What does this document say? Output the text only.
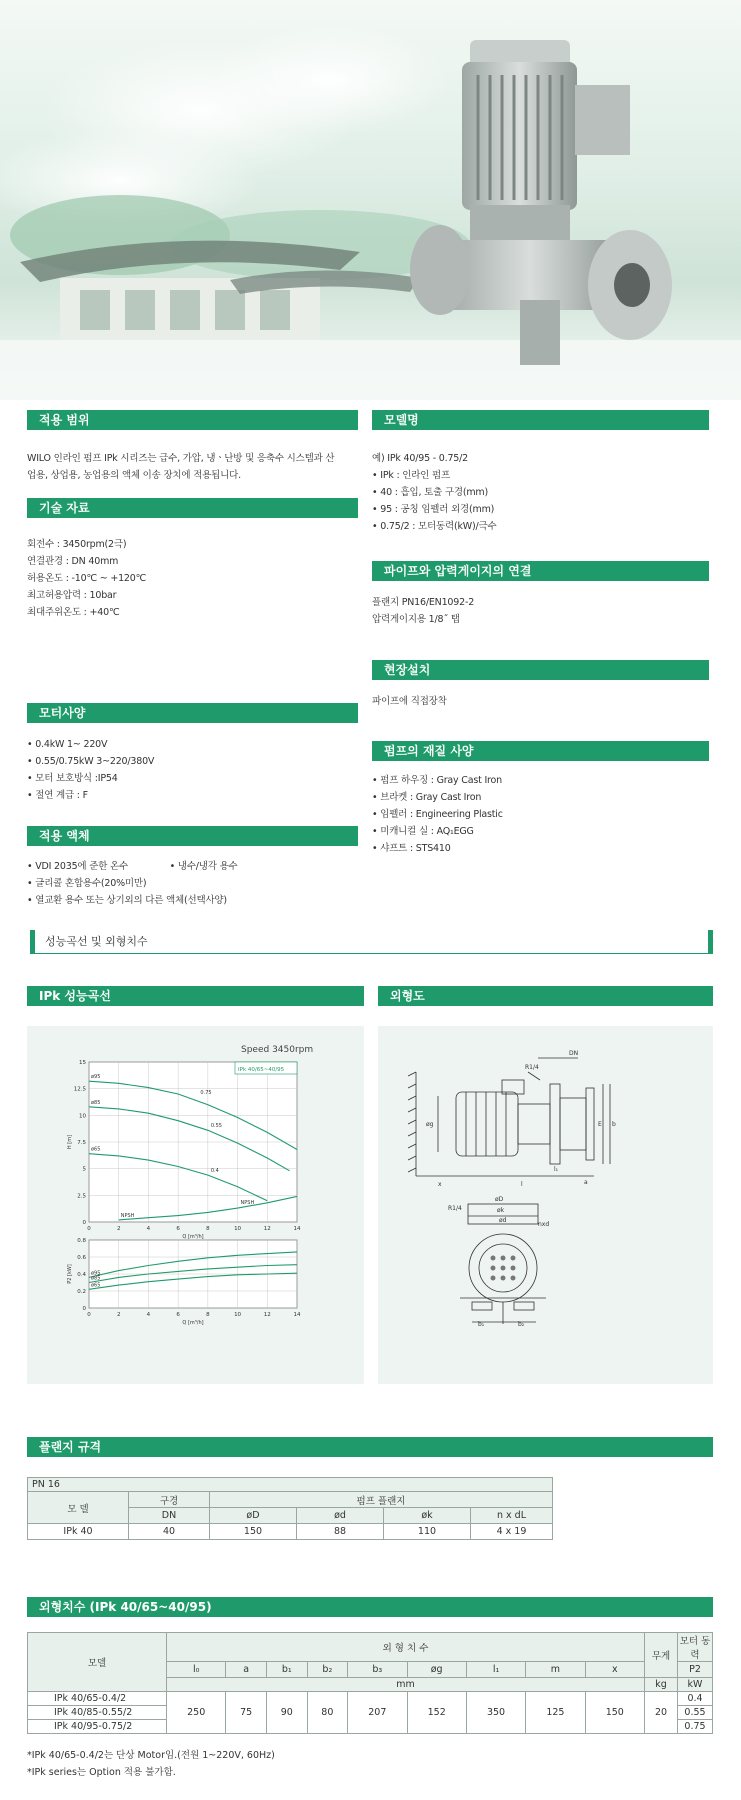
적용 범위
WILO 인라인 펌프 IPk 시리즈는 급수, 가압, 냉ㆍ난방 및 응축수 시스템과 산
업용, 상업용, 농업용의 액체 이송 장치에 적용됩니다.
기술 자료
회전수 : 3450rpm(2극)
연결관경 : DN 40mm
허용온도 : -10℃ ~ +120℃
최고허용압력 : 10bar
최대주위온도 : +40℃
모터사양
• 0.4kW 1~ 220V
• 0.55/0.75kW 3~220/380V
• 모터 보호방식 :IP54
• 절연 계급 : F
적용 액체
• VDI 2035에 준한 온수	• 냉수/냉각 용수
• 글리콜 혼합용수(20%미만)
• 열교환 용수 또는 상기외의 다른 액체(선택사양)
모델명
예) IPk 40/95 - 0.75/2
• IPk : 인라인 펌프
• 40 : 흡입, 토출 구경(mm)
• 95 : 공칭 임펠러 외경(mm)
• 0.75/2 : 모터동력(kW)/극수
파이프와 압력게이지의 연결
플랜지 PN16/EN1092-2
압력게이지용 1/8˝ 탭
현장설치
파이프에 직접장착
펌프의 재질 사양
• 펌프 하우징 : Gray Cast Iron
• 브라켓 : Gray Cast Iron
• 임펠러 : Engineering Plastic
• 미캐니컬 실 : AQ₁EGG
• 샤프트 : STS410
성능곡선 및 외형치수
IPk 성능곡선
Speed 3450rpm
0	2	4	6	8	10	12	14
0
2.5
5
7.5
10
12.5
15
ø95
ø85
ø65
NPSH
Q [m³/h]
H [m]
IPk 40/65~40/95
0.75
0.55
0.4
NPSH
0	2	4	6	8	10	12	14
0
0.2
0.4
0.6
0.8
ø95
ø85
ø65
Q [m³/h]
P2 [kW]
외형도
R1/4
DN
øg
x	l	a
E b
l₁
øD
R1/4	øk
ød
nxd
b₁	b₂
플랜지 규격
PN 16					
모 델	구경	펌프 플랜지			
	DN	øD	ød	øk	n x dL
IPk 40	40	150	88	110	4 x 19
외형치수 (IPk 40/65~40/95)
모델	외 형 치 수									무게	모터 동력
	l₀	a	b₁	b₂	b₃	øg	l₁	m	x		P2
	mm									kg	kW
IPk 40/65-0.4/2	250	75	90	80	207	152	350	125	150	20	0.4
IPk 40/85-0.55/2											0.55
IPk 40/95-0.75/2											0.75
*IPk 40/65-0.4/2는 단상 Motor임.(전원 1~220V, 60Hz)
*IPk series는 Option 적용 불가함.
